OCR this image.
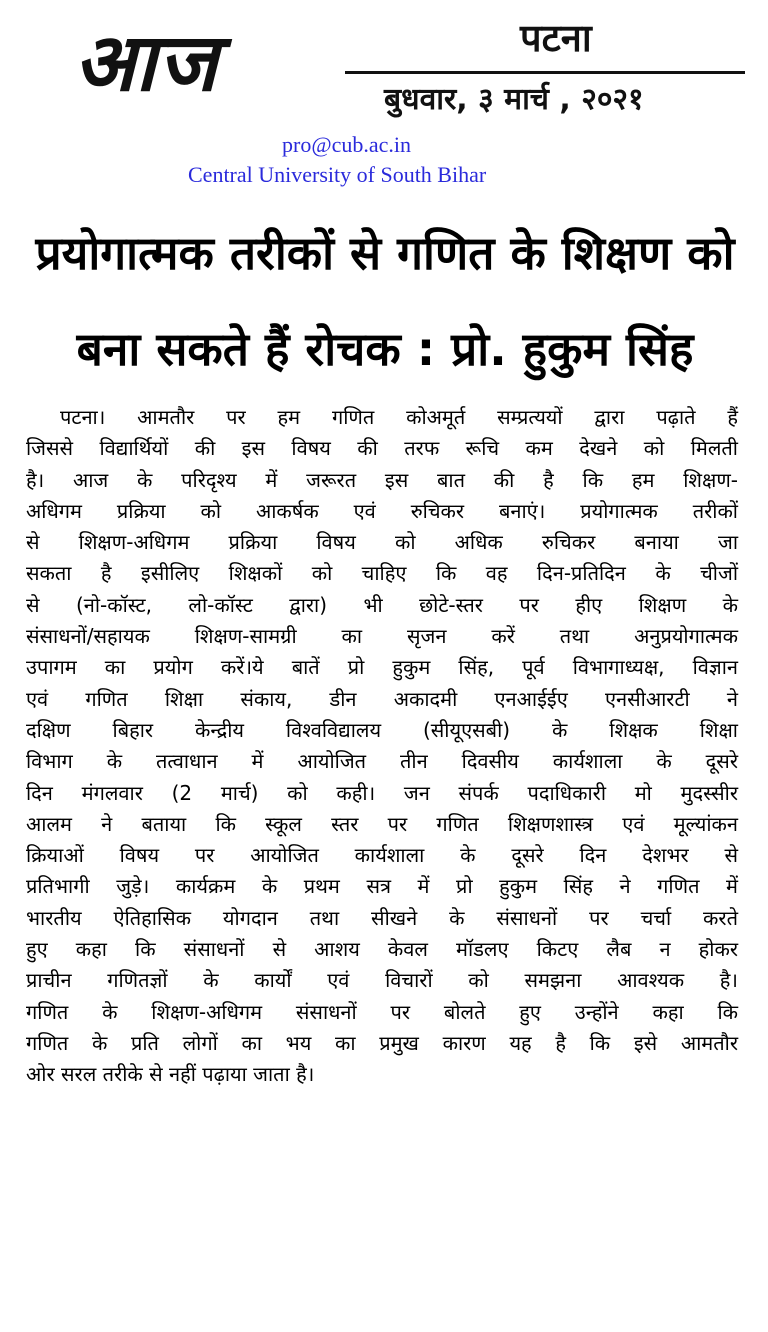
आज	पटना
बुधवार, ३ मार्च , २०२१
pro@cub.ac.in
Central University of South Bihar
प्रयोगात्मक तरीकों से गणित के शिक्षण को
बना सकते हैं रोचक : प्रो. हुकुम सिंह
पटना। आमतौर पर हम गणित कोअमूर्त सम्प्रत्ययों द्वारा पढ़ाते हैं
जिससे विद्यार्थियों की इस विषय की तरफ रूचि कम देखने को मिलती
है। आज के परिदृश्य में जरूरत इस बात की है कि हम शिक्षण-
अधिगम प्रक्रिया को आकर्षक एवं रुचिकर बनाएं। प्रयोगात्मक तरीकों
से शिक्षण-अधिगम प्रक्रिया विषय को अधिक रुचिकर बनाया जा
सकता है इसीलिए शिक्षकों को चाहिए कि वह दिन-प्रतिदिन के चीजों
से (नो-कॉस्ट, लो-कॉस्ट द्वारा) भी छोटे-स्तर पर हीए शिक्षण के
संसाधनों/सहायक शिक्षण-सामग्री का सृजन करें तथा अनुप्रयोगात्मक
उपागम का प्रयोग करें।ये बातें प्रो हुकुम सिंह, पूर्व विभागाध्यक्ष, विज्ञान
एवं गणित शिक्षा संकाय, डीन अकादमी एनआईईए एनसीआरटी ने
दक्षिण बिहार केन्द्रीय विश्वविद्यालय (सीयूएसबी) के शिक्षक शिक्षा
विभाग के तत्वाधान में आयोजित तीन दिवसीय कार्यशाला के दूसरे
दिन मंगलवार (2 मार्च) को कही। जन संपर्क पदाधिकारी मो मुदस्सीर
आलम ने बताया कि स्कूल स्तर पर गणित शिक्षणशास्त्र एवं मूल्यांकन
क्रियाओं विषय पर आयोजित कार्यशाला के दूसरे दिन देशभर से
प्रतिभागी जुड़े। कार्यक्रम के प्रथम सत्र में प्रो हुकुम सिंह ने गणित में
भारतीय ऐतिहासिक योगदान तथा सीखने के संसाधनों पर चर्चा करते
हुए कहा कि संसाधनों से आशय केवल मॉडलए किटए लैब न होकर
प्राचीन गणितज्ञों के कार्यों एवं विचारों को समझना आवश्यक है।
गणित के शिक्षण-अधिगम संसाधनों पर बोलते हुए उन्होंने कहा कि
गणित के प्रति लोगों का भय का प्रमुख कारण यह है कि इसे आमतौर
ओर सरल तरीके से नहीं पढ़ाया जाता है।
